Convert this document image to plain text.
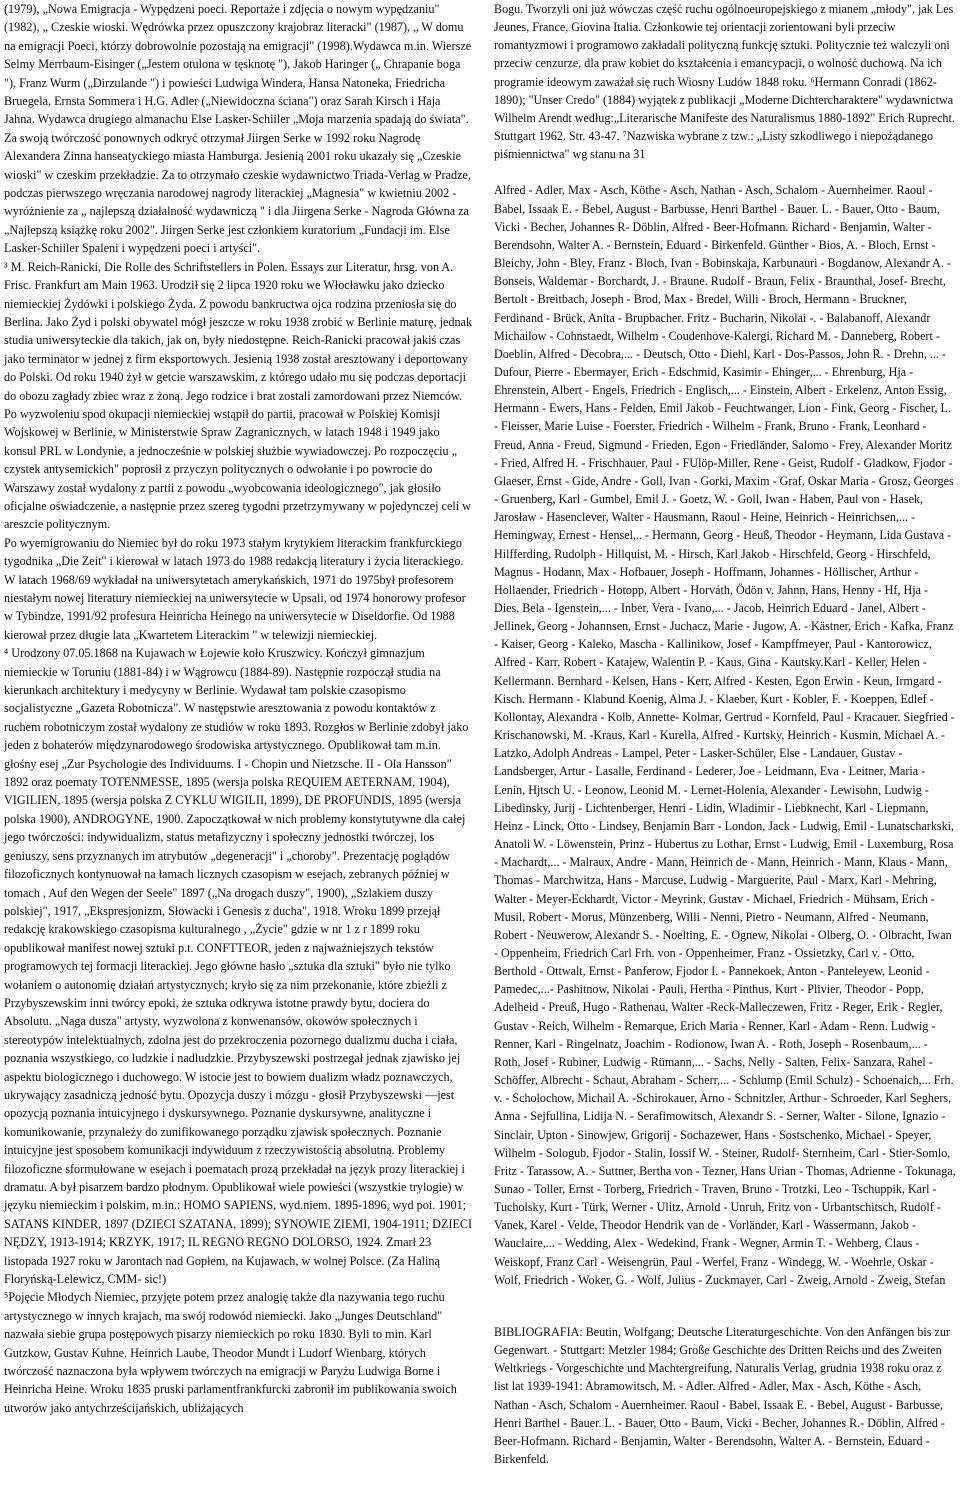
(1979), „Nowa Emigracja - Wypędzeni poeci. Reportaże i zdjęcia o nowym wypędzaniu" (1982), „ Czeskie wioski. Wędrówka przez opuszczony krajobraz literacki" (1987), „ W domu na emigracji Poeci, którzy dobrowolnie pozostają na emigracji" (1998).Wydawca m.in. Wiersze Selmy Merrbaum-Eisinger („Jestem otulona w tęsknotę "), Jakob Haringer („ Chrapanie boga "), Franz Wurm („Dirzulande ") i powieści Ludwiga Windera, Hansa Natoneka, Friedricha Bruegela, Ernsta Sommera i H.G. Adler („Niewidoczna ściana") oraz Sarah Kirsch i Haja Jahna. Wydawca drugiego almanachu Else Lasker-Schiiler „Moja marzenia spadają do świata". Za swoją twórczość ponownych odkryć otrzymał Jiirgen Serke w 1992 roku Nagrodę Alexandera Zinna hanseatyckiego miasta Hamburga. Jesienią 2001 roku ukazały się „Czeskie wioski" w czeskim przekładzie. Za to otrzymało czeskie wydawnictwo Triada-Verlag w Pradze, podczas pierwszego wręczania narodowej nagrody literackiej „Magnesia" w kwietniu 2002 - wyróżnienie za „ najlepszą działalność wydawniczą " i dla Jiirgena Serke - Nagroda Główna za „Najlepszą książkę roku 2002". Jiirgen Serke jest członkiem kuratorium „Fundacji im. Else Lasker-Schiiler Spaleni i wypędzeni poeci i artyści".

³ M. Reich-Ranicki, Die Rolle des Schriftstellers in Polen. Essays zur Literatur, hrsg. von A. Frisc. Frankfurt am Main 1963. Urodził się 2 lipca 1920 roku we Włocławku jako dziecko niemieckiej Żydówki i polskiego Żyda. Z powodu bankructwa ojca rodzina przeniosła się do Berlina. Jako Żyd i polski obywatel mógł jeszcze w roku 1938 zrobić w Berlinie maturę, jednak studia uniwersyteckie dla takich, jak on, były niedostępne. Reich-Ranicki pracował jakiś czas jako terminator w jednej z firm eksportowych. Jesienią 1938 został aresztowany i deportowany do Polski. Od roku 1940 żył w getcie warszawskim, z którego udało mu się podczas deportacji do obozu zagłady zbiec wraz z żoną. Jego rodzice i brat zostali zamordowani przez Niemców. Po wyzwoleniu spod okupacji niemieckiej wstąpił do partii, pracował w Polskiej Komisji Wojskowej w Berlinie, w Ministerstwie Spraw Zagranicznych, w latach 1948 i 1949 jako konsul PRL w Londynie, a jednocześnie w polskiej służbie wywiadowczej. Po rozpoczęciu „ czystek antysemickich" poprosił z przyczyn politycznych o odwołanie i po powrocie do Warszawy został wydalony z partii z powodu „wyobcowania ideologicznego", jak głosiło oficjalne oświadczenie, a następnie przez szereg tygodni przetrzymywany w pojedynczej celi w areszcie politycznym.

Po wyemigrowaniu do Niemiec był do roku 1973 stałym krytykiem literackim frankfurckiego tygodnika „Die Zeit" i kierował w latach 1973 do 1988 redakcją literatury i życia literackiego. W latach 1968/69 wykładał na uniwersytetach amerykańskich, 1971 do 1975był profesorem niestałym nowej literatury niemieckiej na uniwersytecie w Upsali, od 1974 honorowy profesor w Tybindze, 1991/92 profesura Heinricha Heinego na uniwersytecie w Diseldorfie. Od 1988 kierował przez długie lata „Kwartetem Literackim " w telewizji niemieckiej.

⁴ Urodzony 07.05.1868 na Kujawach w Łojewie koło Kruszwicy. Kończył gimnazjum niemieckie w Toruniu (1881-84) i w Wągrowcu (1884-89). Następnie rozpoczął studia na kierunkach architektury i medycyny w Berlinie. Wydawał tam polskie czasopismo socjalistyczne „Gazeta Robotnicza". W następstwie aresztowania z powodu kontaktów z ruchem robotniczym został wydalony ze studiów w roku 1893. Rozgłos w Berlinie zdobył jako jeden z bohaterów międzynarodowego środowiska artystycznego. Opublikował tam m.in. głośny esej „Zur Psychologie des Individuums. I - Chopin und Nietzsche. II - Ola Hansson" 1892 oraz poematy TOTENMESSE, 1895 (wersja polska REQUIEM AETERNAM, 1904), VIGILIEN, 1895 (wersja polska Z CYKLU WIGILII, 1899), DE PROFUNDIS, 1895 (wersja polska 1900), ANDROGYNE, 1900. Zapoczątkował w nich problemy konstytutywne dla całej jego twórczości: indywidualizm, status metafizyczny i społeczny jednostki twórczej, los geniuszy, sens przyznanych im atrybutów „degeneracji" i „choroby". Prezentację poglądów filozoficznych kontynuował na łamach licznych czasopism w esejach, zebranych później w tomach , Auf den Wegen der Seele" 1897 („Na drogach duszy", 1900), „Szlakiem duszy polskiej", 1917, „Ekspresjonizm, Słowacki i Genesis z ducha", 1918. Wroku 1899 przejął redakcję krakowskiego czasopisma kulturalnego , „Życie" gdzie w nr 1 z r 1899 roku opublikował manifest nowej sztuki p.t. CONFTTEOR, jeden z najważniejszych tekstów programowych tej formacji literackiej. Jego główne hasło „sztuka dla sztuki" było nie tylko wołaniem o autonomię działań artystycznych; kryło się za nim przekonanie, które zbieżli z Przybyszewskim inni twórcy epoki, że sztuka odkrywa istotne prawdy bytu, dociera do Absolutu. „Naga dusza" artysty, wyzwolona z konwenansów, okowów społecznych i stereotypów intelektualnych, zdolna jest do przekroczenia pozornego dualizmu ducha i ciała, poznania wszystkiego, co ludzkie i nadludzkie. Przybyszewski postrzegał jednak zjawisko jej aspektu biologicznego i duchowego. W istocie jest to bowiem dualizm władz poznawczych, ukrywający zasadniczą jedność bytu. Opozycja duszy i mózgu - głosił Przybyszewski —jest opozycją poznania intuicyjnego i dyskursywnego. Poznanie dyskursywne, analityczne i komunikowanie, przynależy do zunifikowanego porządku zjawisk społecznych. Poznanie intuicyjne jest sposobem komunikacji indywiduum z rzeczywistością absolutną. Problemy filozoficzne sformułowane w esejach i poematach prozą przekładał na język prozy literackiej i dramatu. A był pisarzem bardzo płodnym. Opublikował wiele powieści (wszystkie trylogie) w języku niemieckim i polskim, m.in.: HOMO SAPIENS, wyd.niem. 1895-1896, wyd poi. 1901; SATANS KINDER, 1897 (DZIECI SZATANA, 1899); SYNOWIE ZIEMI, 1904-1911; DZIECI NĘDZY, 1913-1914; KRZYK, 1917; IL REGNO REGNO DOLORSO, 1924. Zmarł 23 listopada 1927 roku w Jarontach nad Gopłem, na Kujawach, w wolnej Polsce. (Za Haliną Floryńską-Lelewicz, CMM- sic!)

⁵Pojęcie Młodych Niemiec, przyjęte potem przez analogię także dla nazywania tego ruchu artystycznego w innych krajach, ma swój rodowód niemiecki. Jako „Junges Deutschland" nazwała siebie grupa postępowych pisarzy niemieckich po roku 1830. Byli to min. Karl Gutzkow, Gustav Kuhne, Heinrich Laube, Theodor Mundt i Ludorf Wienbarg, których twórczość naznaczona była wpływem twórczych na emigracji w Paryżu Ludwiga Borne i Heinricha Heine. Wroku 1835 pruski parlamentfrankfurcki zabronił im publikowania swoich utworów jako antychrześcijańskich, ubliżających

Bogu. Tworzyli oni już wówczas część ruchu ogólnoeuropejskiego z mianem „młody", jak Les Jeunes, France, Giovina Italia. Członkowie tej orientacji zorientowani byli przeciw romantyzmowi i programowo zakładali polityczną funkcję sztuki. Politycznie też walczyli oni przeciw cenzurze, dla praw kobiet do kształcenia i emancypacji, o wolność duchową. Na ich programie ideowym zaważał się ruch Wiosny Ludów 1848 roku. ⁶Hermann Conradi (1862-1890); "Unser Credo" (1884) wyjątek z publikacji „Moderne Dichtercharaktere" wydawnictwa Wilhelm Arendt według:„Literarische Manifeste des Naturalismus 1880-1892" Erich Ruprecht. Stuttgart 1962. Str. 43-47. ⁷Nazwiska wybrane z tzw.: „Listy szkodliwego i niepożądanego piśmiennictwa" wg stanu na 31

Alfred - Adler, Max - Asch, Köthe - Asch, Nathan - Asch, Schalom - Auernheimer. Raoul - Babel, Issaak E. - Bebel, August - Barbusse, Henri Barthel - Bauer. L. - Bauer, Otto - Baum, Vicki - Becher, Johannes R- Döblin, Alfred - Beer-Hofmann. Richard - Benjamin, Walter - Berendsohn, Walter A. - Bernstein, Eduard - Birkenfeld. Günther - Bios, A. - Bloch, Ernst - Bleichy, John - Bley, Franz - Bloch, Ivan - Bobinskaja, Karbunauri - Bogdanow, Alexandr A. - Bonseis, Waldemar - Borchardt, J. - Braune. Rudolf - Braun, Felix - Braunthal, Josef- Brecht, Bertolt - Breitbach, Joseph - Brod, Max - Bredel, Willi - Broch, Hermann - Bruckner, Ferdinand - Brück, Anita - Brupbacher. Fritz - Bucharin, Nikolai -. - Balabanoff, Alexandr Michailow - Cohnstaedt, Wilhelm - Coudenhove-Kalergi, Richard M. - Danneberg, Robert - Doeblin, Alfred - Decobra,... - Deutsch, Otto - Diehl, Karl - Dos-Passos, John R. - Drehn, ... - Dufour, Pierre - Ebermayer, Erich - Edschmid, Kasimir - Ehinger,... - Ehrenburg, Hja - Ehrenstein, Albert - Engels, Friedrich - Englisch,... - Einstein, Albert - Erkelenz, Anton Essig, Hermann - Ewers, Hans - Felden, Emil Jakob - Feuchtwanger, Lion - Fink, Georg - Fischer, L. - Fleisser, Marie Luise - Foerster, Friedrich - Wilhelm - Frank, Bruno - Frank, Leonhard - Freud, Anna - Freud, Sigmund - Frieden, Egon - Friedländer, Salomo - Frey, Alexander Moritz - Fried, Alfred H. - Frischhauer, Paul - FUlöp-Miller, Rene - Geist, Rudolf - Gladkow, Fjodor - Glaeser, Ernst - Gide, Andre - Goll, Ivan - Gorki, Maxim - Graf, Oskar Maria - Grosz, Georges - Gruenberg, Karl - Gumbel, Emil J. - Goetz, W. - Goll, Iwan - Haben, Paul von - Hasek, Jarosław - Hasenclever, Walter - Hausmann, Raoul - Heine, Heinrich - Heinrichsen,... - Hemingway, Ernest - Hensel,.. - Hermann, Georg - Heuß, Theodor - Heymann, Lida Gustava - Hilfferding, Rudolph - Hillquist, M. - Hirsch, Karl Jakob - Hirschfeld, Georg - Hirschfeld, Magnus - Hodann, Max - Hofbauer, Joseph - Hoffmann, Johannes - Höllischer, Arthur - Hollaender, Friedrich - Hotopp, Albert - Horváth, Ödön v. Jahnn, Hans, Henny - Hf, Hja - Dies, Bela - Igenstein,... - Inber, Vera - Ivano,... - Jacob, Heinrich Eduard - Janel, Albert - Jellinek, Georg - Johannsen, Ernst - Juchacz, Marie - Jugow, A. - Kästner, Erich - Kafka, Franz - Kaiser, Georg - Kaleko, Mascha - Kallinikow, Josef - Kampffmeyer, Paul - Kantorowicz, Alfred - Karr, Robert - Katajew, Walentin P. - Kaus, Gina - Kautsky.Karl - Keller, Helen - Kellermann. Bernhard - Kelsen, Hans - Kerr, Alfred - Kesten, Egon Erwin - Keun, Irmgard - Kisch. Hermann - Klabund Koenig, Alma J. - Klaeber, Kurt - Kobler, F. - Koeppen, Edlef - Kollontay, Alexandra - Kolb, Annette- Kolmar, Gertrud - Kornfeld, Paul - Kracauer. Siegfried - Krischanowski, M. -Kraus, Karl - Kurella, Alfred - Kurtsky, Heinrich - Kusmin, Michael A. - Latzko, Adolph Andreas - Lampel, Peter - Lasker-Schüler, Else - Landauer, Gustav - Landsberger, Artur - Lasalle, Ferdinand - Lederer, Joe - Leidmann, Eva - Leitner, Maria - Lenin, Hjtsch U. - Leonow, Leonid M. - Lernet-Holenia, Alexander - Lewisohn, Ludwig -Libedinsky, Jurij - Lichtenberger, Henri - Lidin, Wladimir - Liebknecht, Karl - Liepmann, Heinz - Linck, Otto - Lindsey, Benjamin Barr - London, Jack - Ludwig, Emil - Lunatscharkski, Anatoli W. - Löwenstein, Prinz - Hubertus zu Lothar, Ernst - Ludwig, Emil - Luxemburg, Rosa - Machardt,... - Malraux, Andre - Mann, Heinrich de - Mann, Heinrich - Mann, Klaus - Mann, Thomas - Marchwitza, Hans - Marcuse, Ludwig - Marguerite, Paul - Marx, Karl - Mehring, Walter - Meyer-Eckhardt, Victor - Meyrink, Gustav - Michael, Friedrich - Mühsam, Erich - Musil, Robert - Morus, Münzenberg, Willi - Nenni, Pietro - Neumann, Alfred - Neumann, Robert - Neuwerow, Alexandr S. - Noelting, E. - Ognew, Nikolai - Olberg, O. - Olbracht, Iwan - Oppenheim, Friedrich Carl Frh. von - Oppenheimer, Franz - Ossietzky, Carl v. - Otto, Berthold - Ottwalt, Ernst - Panferow, Fjodor I. - Pannekoek, Anton - Panteleyew, Leonid - Pamedec,...- Pashitnow, Nikolai - Pauli, Hertha - Pinthus, Kurt - Plivier, Theodor - Popp, Adelheid - Preuß, Hugo - Rathenau, Walter -Reck-Malleczewen, Fritz - Reger, Erik - Regler, Gustav - Reich, Wilhelm - Remarque, Erich Maria - Renner, Karl - Adam - Renn. Ludwig - Renner, Karl - Ringelnatz, Joachim - Rodionow, Iwan A. - Roth, Joseph - Rosenbaum,... - Roth, Josef - Rubiner, Ludwig - Rümann,... - Sachs, Nelly - Salten, Felix- Sanzara, Rahel - Schöffer, Albrecht - Schaut, Abraham - Scherr,... - Schlump (Emil Schulz) - Schoenaich,... Frh. v. - Scholochow, Michail A. -Schirokauer, Arno - Schnitzler, Arthur - Schroeder, Karl Seghers, Anna - Sejfullina, Lidija N. - Serafimowitsch, Alexandr S. - Serner, Walter - Silone, Ignazio - Sinclair, Upton - Sinowjew, Grigorij - Sochazewer, Hans - Sostschenko, Michael - Speyer, Wilhelm - Sologub, Fjodor - Stalin, Iossif W. - Steiner, Rudolf- Sternheim, Carl - Stier-Somlo, Fritz - Tarassow, A. - Suttner, Bertha von - Tezner, Hans Urian - Thomas, Adrienne - Tokunaga, Sunao - Toller, Ernst - Torberg, Friedrich - Traven, Bruno - Trotzki, Leo - Tschuppik, Karl - Tucholsky, Kurt - Türk, Werner - Ulitz, Arnold - Unruh, Fritz von - Urbantschitsch, Rudolf - Vanek, Karel - Velde, Theodor Hendrik van de - Vorländer, Karl - Wassermann, Jakob - Wauclaire,... - Wedding, Alex - Wedekind, Frank - Wegner, Armin T. - Wehberg, Claus - Weiskopf, Franz Carl - Weisengrün, Paul - Werfel, Franz - Windegg, W. - Woehrle, Oskar - Wolf, Friedrich - Woker, G. - Wolf, Julius - Zuckmayer, Carl - Zweig, Arnold - Zweig, Stefan

BIBLIOGRAFIA: Beutin, Wolfgang; Deutsche Literaturgeschichte. Von den Anfängen bis zur Gegenwart. - Stuttgart: Metzler 1984; Große Geschichte des Dritten Reichs und des Zweiten Weltkriegs - Vorgeschichte und Machtergreifung, Naturalis Verlag, grudnia 1938 roku oraz z list lat 1939-1941: Abramowitsch, M. - Adler. Alfred - Adler, Max - Asch, Köthe - Asch, Nathan - Asch, Schalom - Auernheimer. Raoul - Babel, Issaak E. - Bebel, August - Barbusse, Henri Barthel - Bauer. L. - Bauer, Otto - Baum, Vicki - Becher, Johannes R.- Döblin, Alfred - Beer-Hofmann. Richard - Benjamin, Walter - Berendsohn, Walter A. - Bernstein, Eduard - Birkenfeld.
